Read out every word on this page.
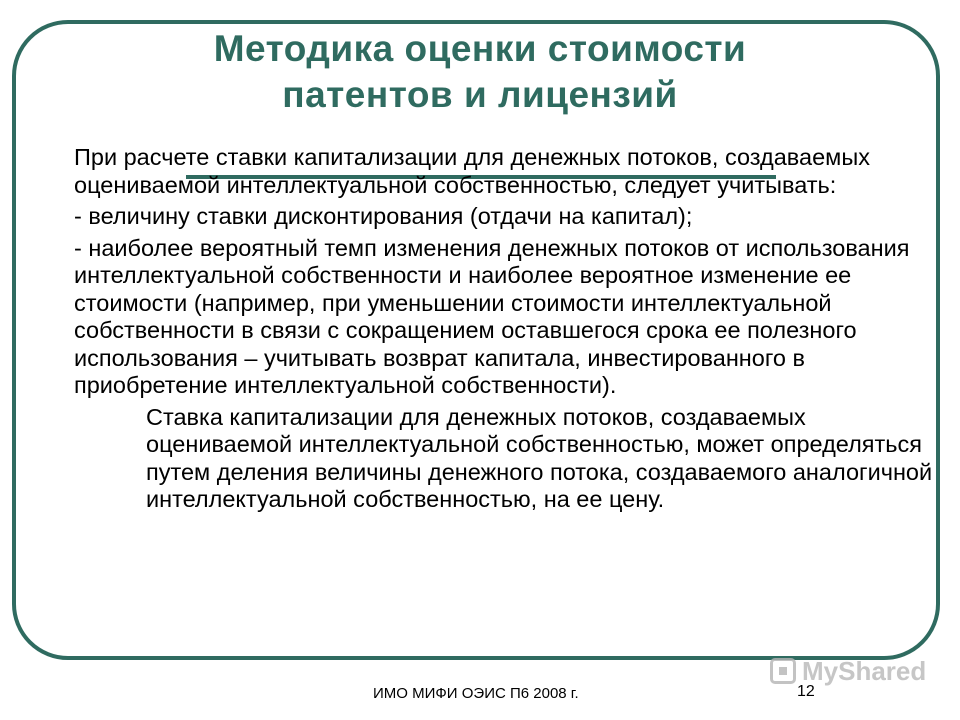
Методика оценки стоимости
патентов и лицензий

При расчете ставки капитализации для денежных потоков, создаваемых оцениваемой интеллектуальной собственностью, следует учитывать:

- величину ставки дисконтирования (отдачи на капитал);

- наиболее вероятный темп изменения денежных потоков от использования интеллектуальной собственности и наиболее вероятное изменение ее стоимости (например, при уменьшении стоимости интеллектуальной собственности в связи с сокращением оставшегося срока ее полезного использования – учитывать возврат капитала, инвестированного в приобретение интеллектуальной собственности).

Ставка капитализации для денежных потоков, создаваемых оцениваемой интеллектуальной собственностью, может определяться путем деления величины денежного потока, создаваемого аналогичной интеллектуальной собственностью, на ее цену.

ИМО МИФИ ОЭИС П6 2008 г.	12
MyShared
